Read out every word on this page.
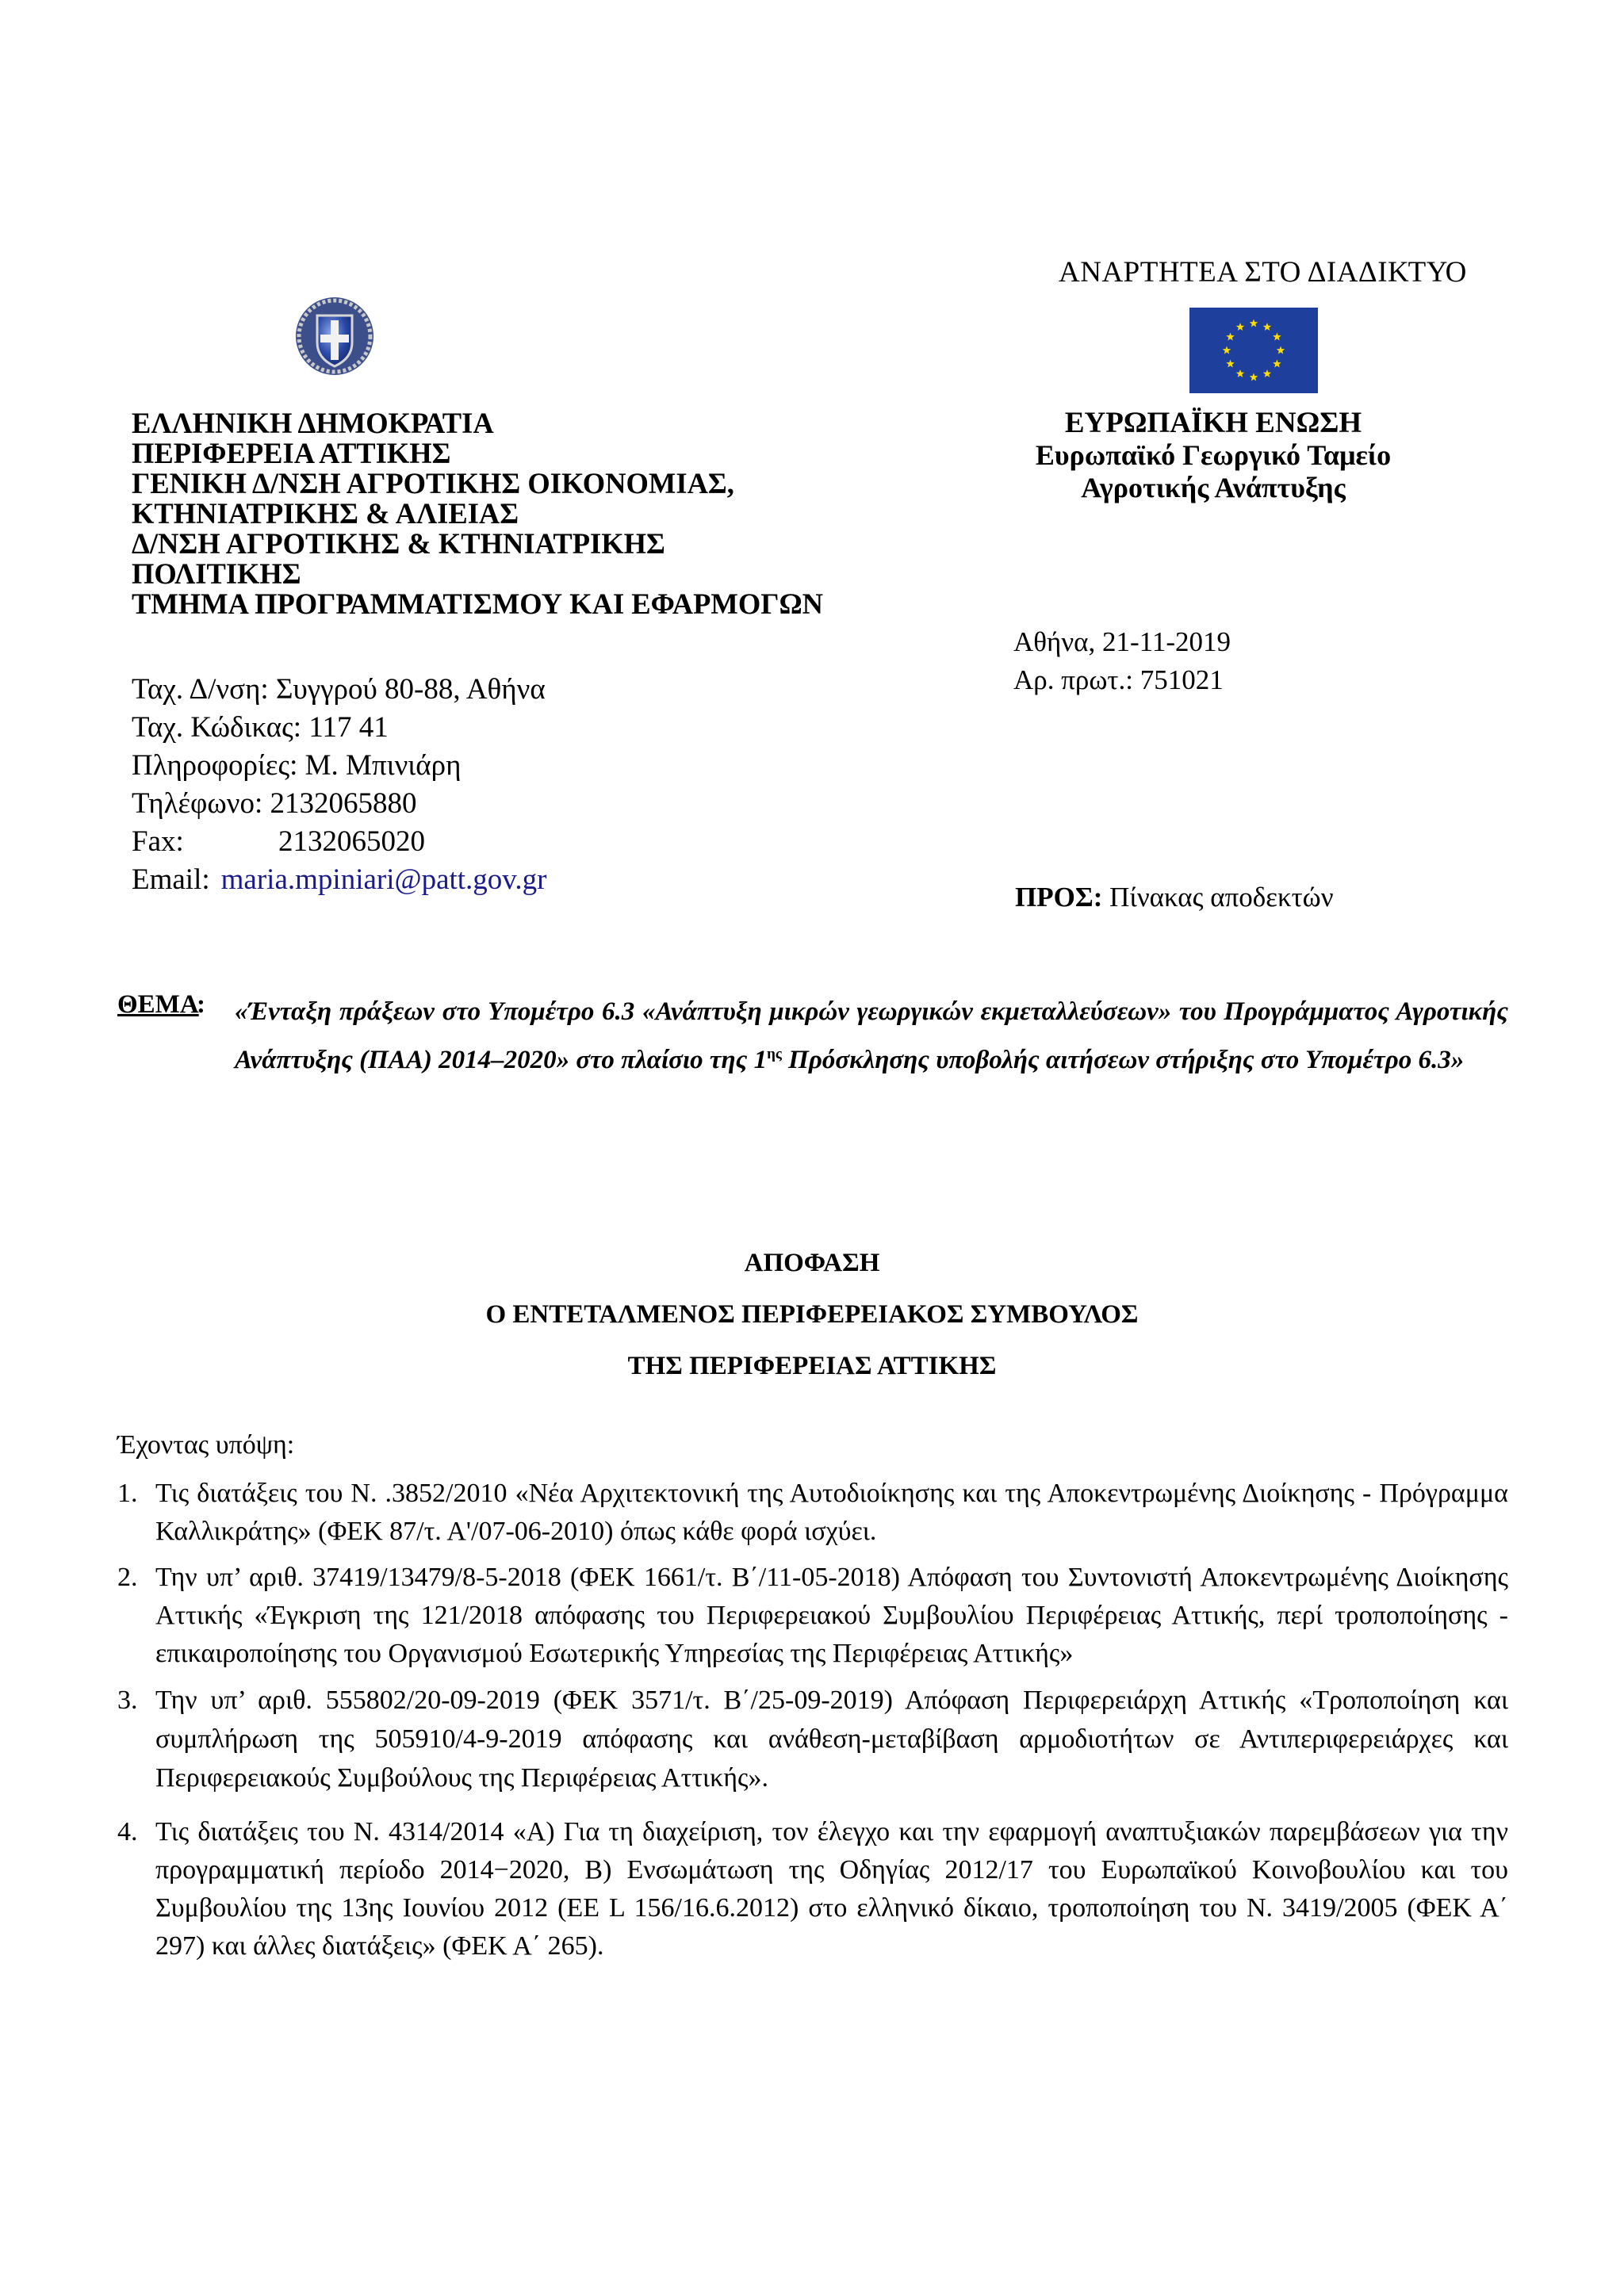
ΑΝΑΡΤΗΤΕΑ ΣΤΟ ΔΙΑΔΙΚΤΥΟ
ΕΛΛΗΝΙΚΗ ΔΗΜΟΚΡΑΤΙΑ
ΠΕΡΙΦΕΡΕΙΑ ΑΤΤΙΚΗΣ
ΓΕΝΙΚΗ Δ/ΝΣΗ ΑΓΡΟΤΙΚΗΣ ΟΙΚΟΝΟΜΙΑΣ,
ΚΤΗΝΙΑΤΡΙΚΗΣ & ΑΛΙΕΙΑΣ
Δ/ΝΣΗ ΑΓΡΟΤΙΚΗΣ & ΚΤΗΝΙΑΤΡΙΚΗΣ
ΠΟΛΙΤΙΚΗΣ
ΤΜΗΜΑ ΠΡΟΓΡΑΜΜΑΤΙΣΜΟΥ ΚΑΙ ΕΦΑΡΜΟΓΩΝ
ΕΥΡΩΠΑΪΚΗ ΕΝΩΣΗ
Ευρωπαϊκό Γεωργικό Ταμείο
Αγροτικής Ανάπτυξης
Ταχ. Δ/νση: Συγγρού 80-88, Αθήνα
Ταχ. Κώδικας: 117 41
Πληροφορίες: Μ. Μπινιάρη
Τηλέφωνο: 2132065880
Fax:	2132065020
Email: maria.mpiniari@patt.gov.gr
Αθήνα, 21-11-2019
Αρ. πρωτ.: 751021
ΠΡΟΣ: Πίνακας αποδεκτών
ΘΕΜΑ
: «Ένταξη πράξεων στο Υπομέτρο 6.3 «Ανάπτυξη μικρών γεωργικών εκμεταλλεύσεων» του Προγράμματος Αγροτικής Ανάπτυξης (ΠΑΑ) 2014–2020» στο πλαίσιο της $1^{\eta\varsigma}$ Πρόσκλησης υποβολής αιτήσεων στήριξης στο Υπομέτρο 6.3»
ΑΠΟΦΑΣΗ
Ο ΕΝΤΕΤΑΛΜΕΝΟΣ ΠΕΡΙΦΕΡΕΙΑΚΟΣ ΣΥΜΒΟΥΛΟΣ
ΤΗΣ ΠΕΡΙΦΕΡΕΙΑΣ ΑΤΤΙΚΗΣ
Έχοντας υπόψη:
1. Τις διατάξεις του Ν. .3852/2010 «Νέα Αρχιτεκτονική της Αυτοδιοίκησης και της Αποκεντρωμένης Διοίκησης - Πρόγραμμα Καλλικράτης» (ΦΕΚ 87/τ. Α'/07-06-2010) όπως κάθε φορά ισχύει.
2. Την υπ’ αριθ. 37419/13479/8-5-2018 (ΦΕΚ 1661/τ. Β΄/11-05-2018) Απόφαση του Συντονιστή Αποκεντρωμένης Διοίκησης Αττικής «Έγκριση της 121/2018 απόφασης του Περιφερειακού Συμβουλίου Περιφέρειας Αττικής, περί τροποποίησης - επικαιροποίησης του Οργανισμού Εσωτερικής Υπηρεσίας της Περιφέρειας Αττικής»
3. Την υπ’ αριθ. 555802/20-09-2019 (ΦΕΚ 3571/τ. Β΄/25-09-2019) Απόφαση Περιφερειάρχη Αττικής «Τροποποίηση και συμπλήρωση της 505910/4-9-2019 απόφασης και ανάθεση-μεταβίβαση αρμοδιοτήτων σε Αντιπεριφερειάρχες και Περιφερειακούς Συμβούλους της Περιφέρειας Αττικής».
4. Τις διατάξεις του Ν. 4314/2014 «Α) Για τη διαχείριση, τον έλεγχο και την εφαρμογή αναπτυξιακών παρεμβάσεων για την προγραμματική περίοδο 2014−2020, Β) Ενσωμάτωση της Οδηγίας 2012/17 του Ευρωπαϊκού Κοινοβουλίου και του Συμβουλίου της 13ης Ιουνίου 2012 (ΕΕ L 156/16.6.2012) στο ελληνικό δίκαιο, τροποποίηση του Ν. 3419/2005 (ΦΕΚ Α΄ 297) και άλλες διατάξεις» (ΦΕΚ Α΄ 265).
